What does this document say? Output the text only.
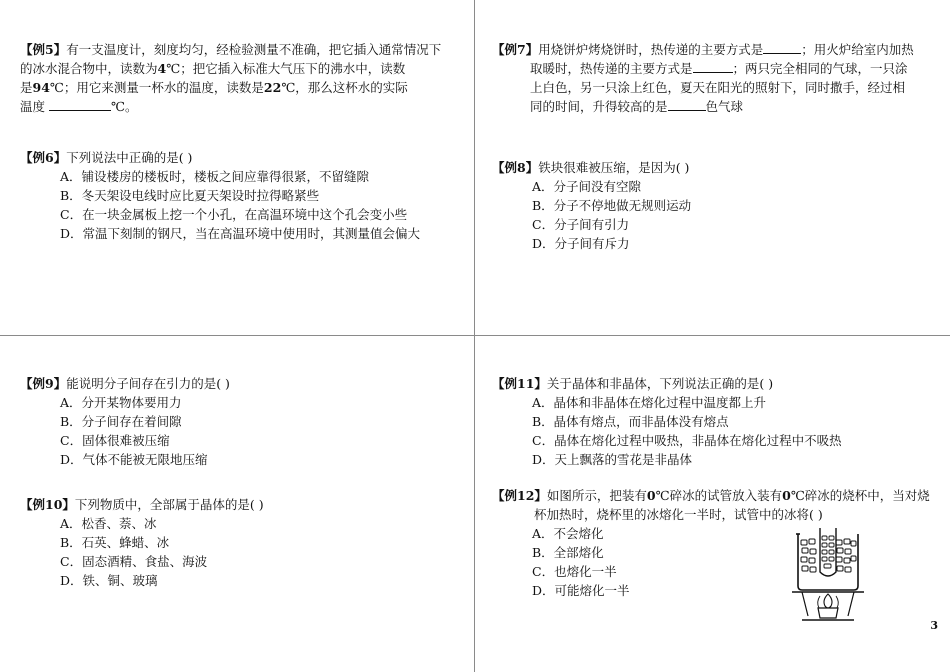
【例5】有一支温度计，刻度均匀，经检验测量不准确，把它插入通常情况下
的冰水混合物中，读数为4℃；把它插入标准大气压下的沸水中，读数
是94℃；用它来测量一杯水的温度，读数是22℃，那么这杯水的实际
温度	℃。

【例6】下列说法中正确的是( )

A．铺设楼房的楼板时，楼板之间应靠得很紧，不留缝隙
B．冬天架设电线时应比夏天架设时拉得略紧些
C．在一块金属板上挖一个小孔，在高温环境中这个孔会变小些
D．常温下刻制的钢尺，当在高温环境中使用时，其测量值会偏大

【例7】用烧饼炉烤烧饼时，热传递的主要方式是	；用火炉给室内加热
取暖时，热传递的主要方式是	；两只完全相同的气球，一只涂
上白色，另一只涂上红色，夏天在阳光的照射下，同时撒手，经过相
同的时间，升得较高的是	色气球

【例8】铁块很难被压缩，是因为( )

A．分子间没有空隙
B．分子不停地做无规则运动
C．分子间有引力
D．分子间有斥力

【例9】能说明分子间存在引力的是( )

A．分开某物体要用力
B．分子间存在着间隙
C．固体很难被压缩
D．气体不能被无限地压缩

【例10】下列物质中，全部属于晶体的是( )

A．松香、萘、冰
B．石英、蜂蜡、冰
C．固态酒精、食盐、海波
D．铁、铜、玻璃

【例11】关于晶体和非晶体，下列说法正确的是( )

A．晶体和非晶体在熔化过程中温度都上升
B．晶体有熔点，而非晶体没有熔点
C．晶体在熔化过程中吸热，非晶体在熔化过程中不吸热
D．天上飘落的雪花是非晶体

【例12】如图所示，把装有0℃碎冰的试管放入装有0℃碎冰的烧杯中，当对烧
杯加热时，烧杯里的冰熔化一半时，试管中的冰将( )

A．不会熔化
B．全部熔化
C．也熔化一半
D．可能熔化一半
3
